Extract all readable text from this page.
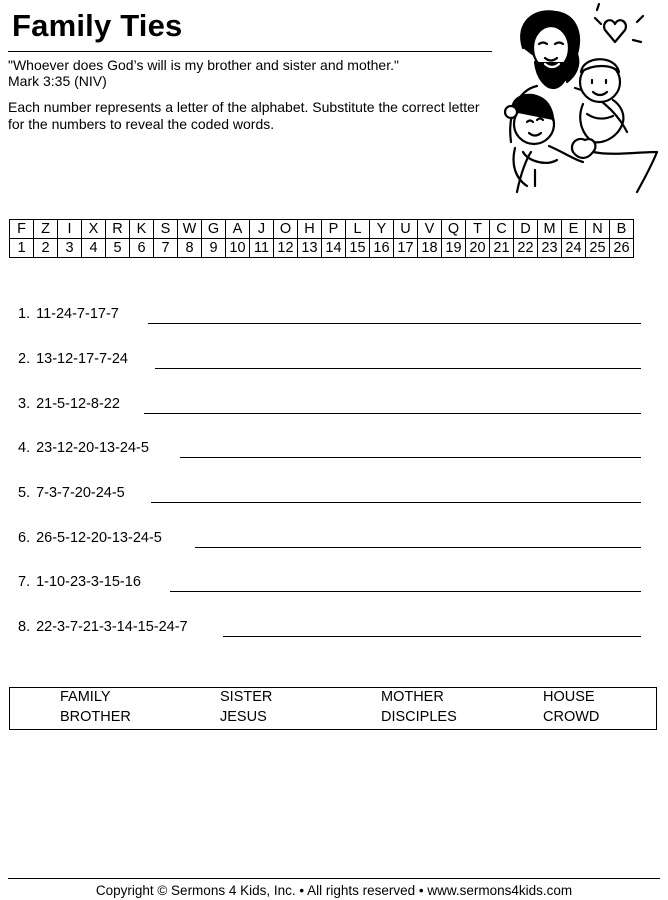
Family Ties
"Whoever does God’s will is my brother and sister and mother."
Mark 3:35 (NIV)
Each number represents a letter of the alphabet. Substitute the correct letter for the numbers to reveal the coded words.
F	Z	I	X	R	K	S	W	G	A	J	O	H	P	L	Y	U	V	Q	T	C	D	M	E	N	B
1	2	3	4	5	6	7	8	9	10	11	12	13	14	15	16	17	18	19	20	21	22	23	24	25	26
1. 11-24-7-17-7
2. 13-12-17-7-24
3. 21-5-12-8-22
4. 23-12-20-13-24-5
5. 7-3-7-20-24-5
6. 26-5-12-20-13-24-5
7. 1-10-23-3-15-16
8. 22-3-7-21-3-14-15-24-7
FAMILY	SISTER	MOTHER	HOUSE
BROTHER	JESUS	DISCIPLES	CROWD
Copyright © Sermons 4 Kids, Inc. • All rights reserved • www.sermons4kids.com
